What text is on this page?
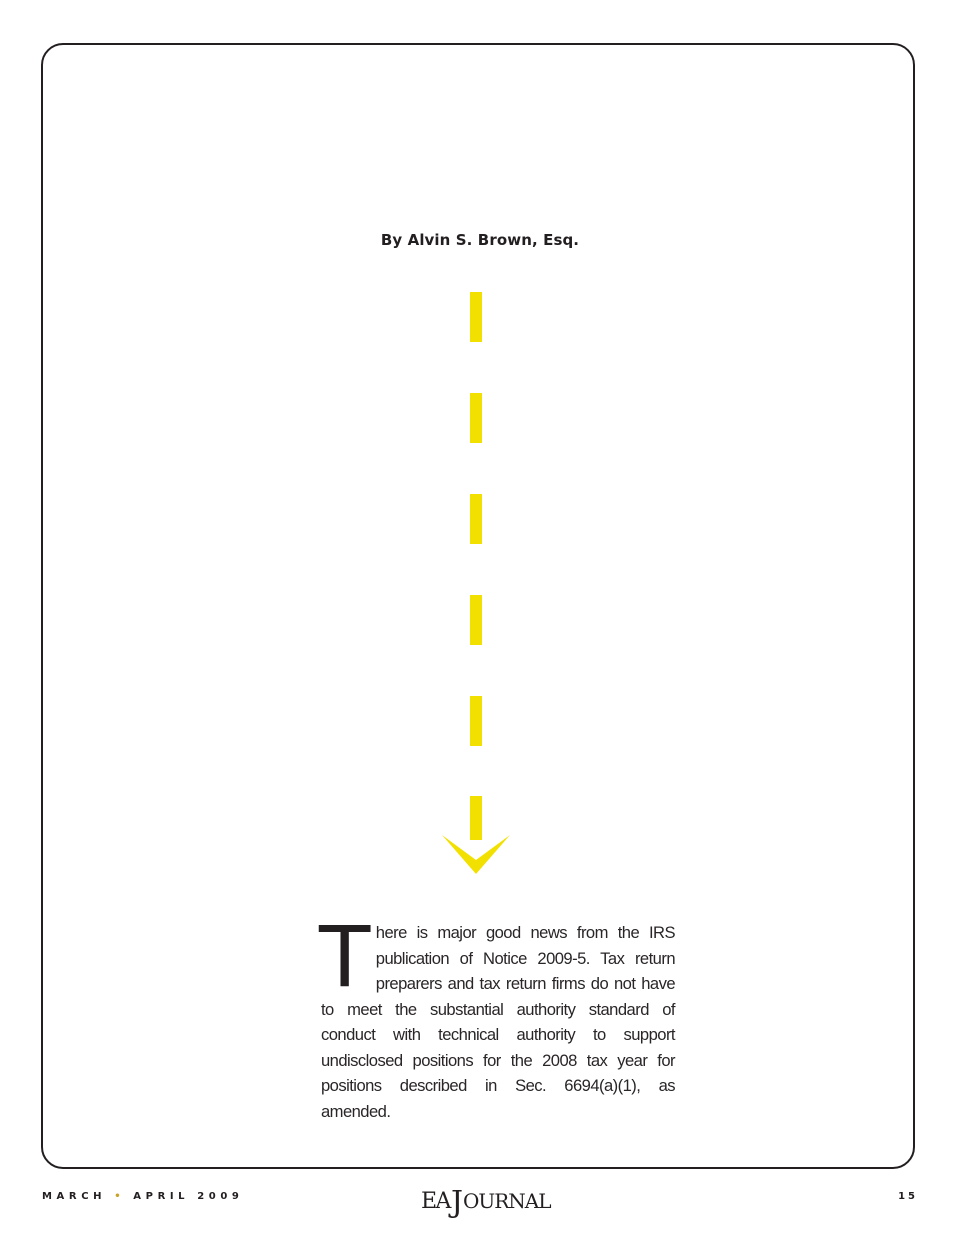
By Alvin S. Brown, Esq.
T here is major good news from the IRS publication of Notice 2009-5. Tax return preparers and tax return firms do not have to meet the substantial authority standard of conduct with technical authority to support undisclosed positions for the 2008 tax year for positions described in Sec. 6694(a)(1), as amended.
MARCH • APRIL 2009	EA J OURNAL	15
